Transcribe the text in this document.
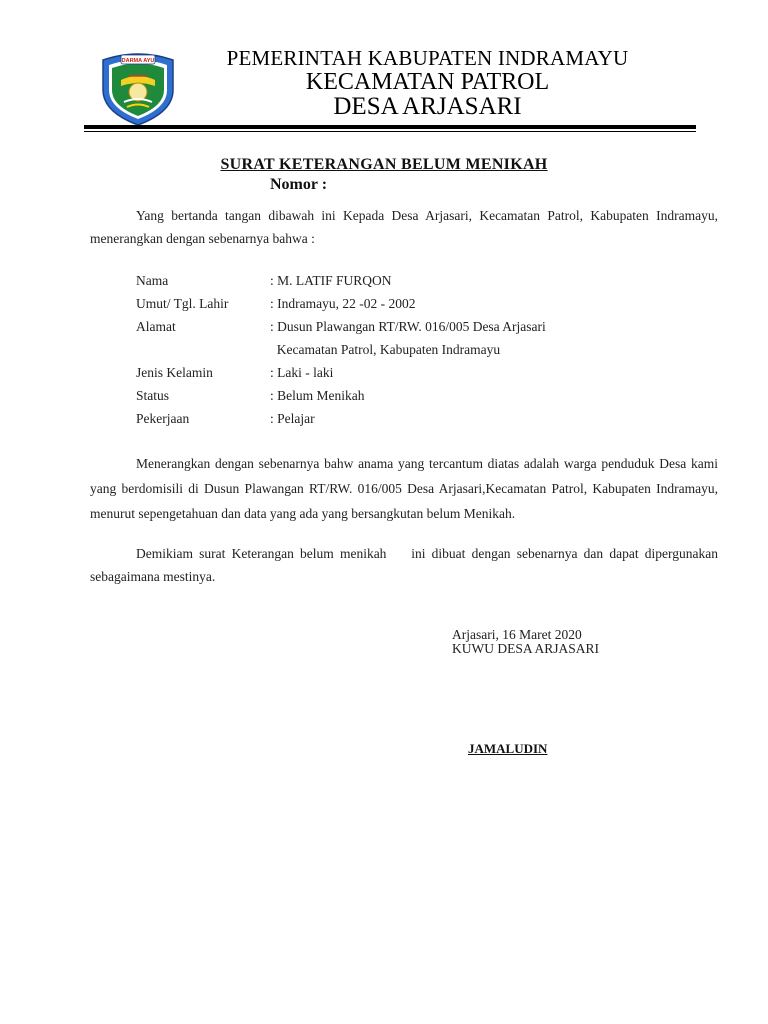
DARMA AYU	PEMERINTAH KABUPATEN INDRAMAYU
KECAMATAN PATROL
DESA ARJASARI
SURAT KETERANGAN BELUM MENIKAH
Nomor :
Yang bertanda tangan dibawah ini Kepada Desa Arjasari, Kecamatan Patrol, Kabupaten Indramayu, menerangkan dengan sebenarnya bahwa :
Nama	: M. LATIF FURQON
Umut/ Tgl. Lahir	: Indramayu, 22 -02 - 2002
Alamat	: Dusun Plawangan RT/RW. 016/005 Desa Arjasari
Kecamatan Patrol, Kabupaten Indramayu
Jenis Kelamin	: Laki - laki
Status	: Belum Menikah
Pekerjaan	: Pelajar
Menerangkan dengan sebenarnya bahw anama yang tercantum diatas adalah warga penduduk Desa kami yang berdomisili di Dusun Plawangan RT/RW. 016/005 Desa Arjasari,Kecamatan Patrol, Kabupaten Indramayu, menurut sepengetahuan dan data yang ada yang bersangkutan belum Menikah.
Demikiam surat Keterangan belum menikah    ini dibuat dengan sebenarnya dan dapat dipergunakan sebagaimana mestinya.
Arjasari, 16 Maret 2020
KUWU DESA ARJASARI
JAMALUDIN
